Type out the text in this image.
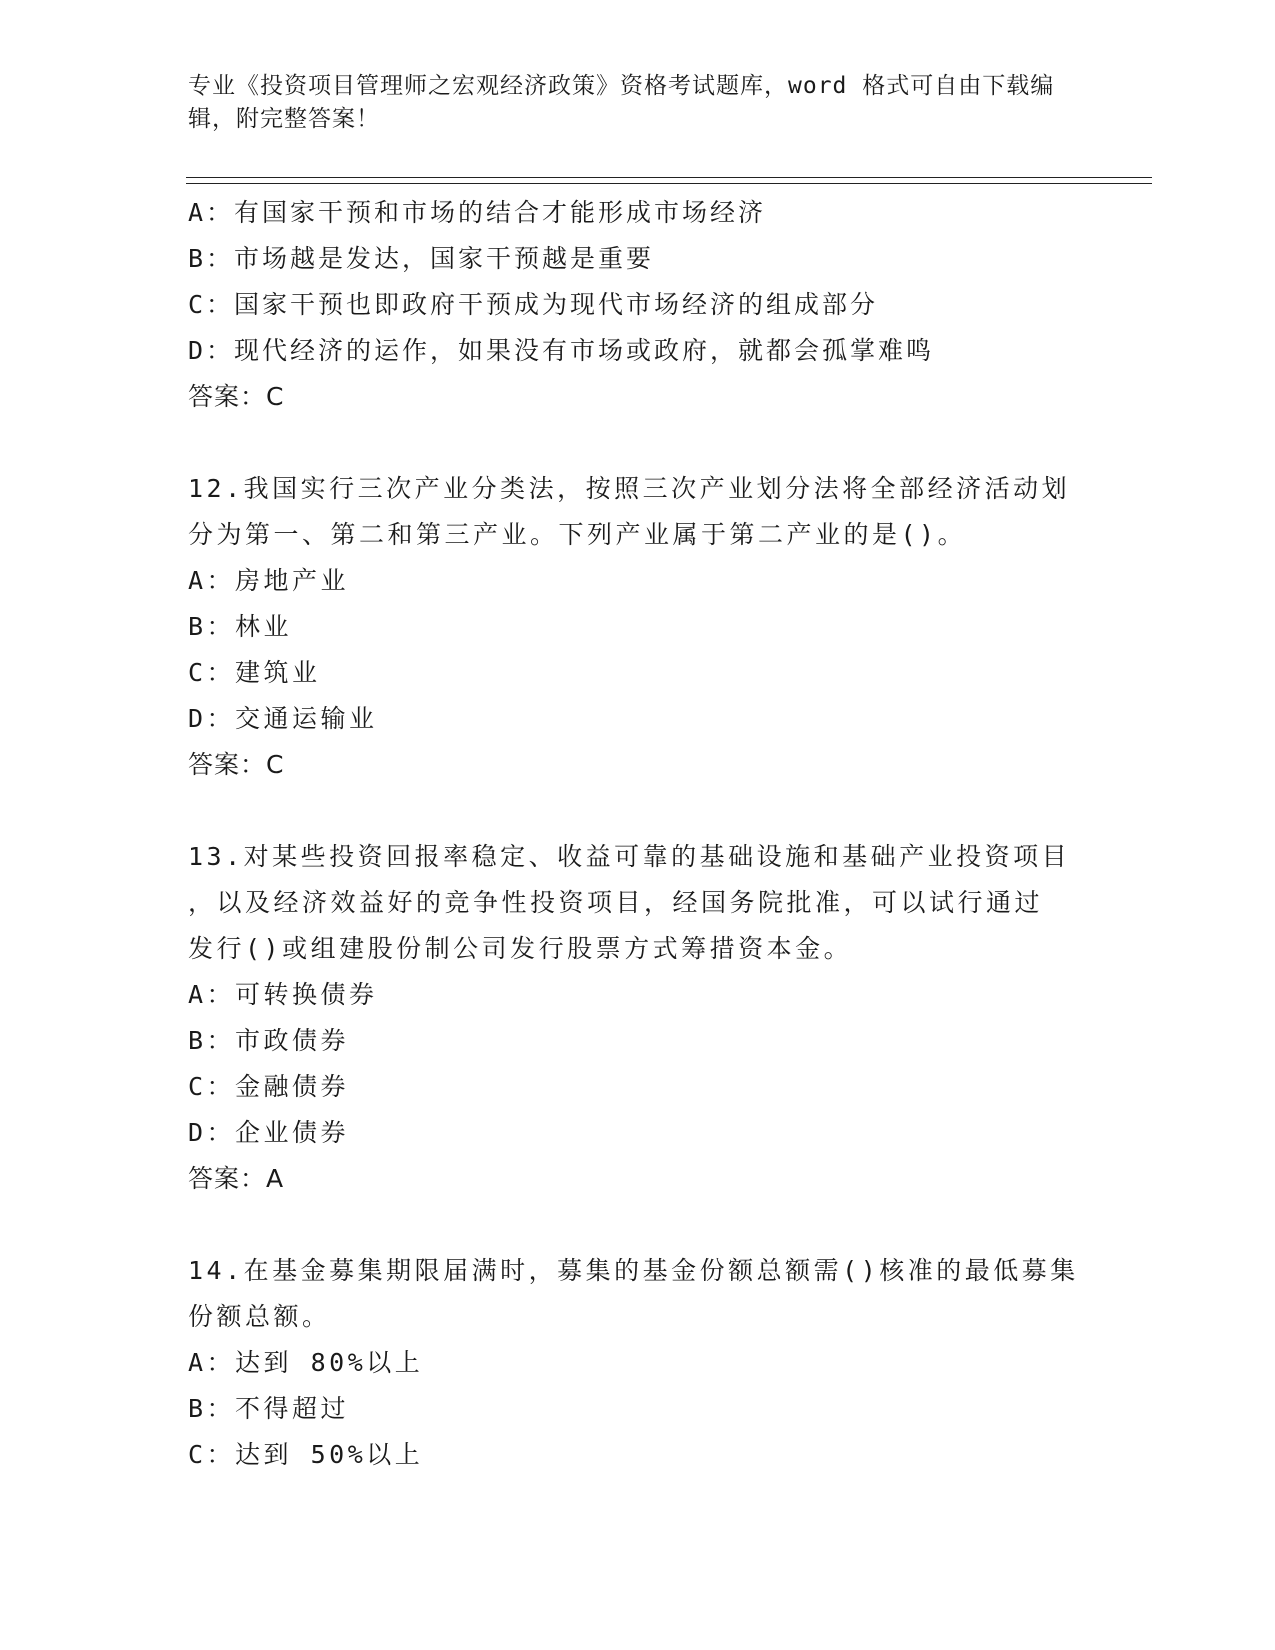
专业《投资项目管理师之宏观经济政策》资格考试题库，word 格式可自由下载编
辑，附完整答案！
A：有国家干预和市场的结合才能形成市场经济
B：市场越是发达，国家干预越是重要
C：国家干预也即政府干预成为现代市场经济的组成部分
D：现代经济的运作，如果没有市场或政府，就都会孤掌难鸣
答案：C
12.我国实行三次产业分类法，按照三次产业划分法将全部经济活动划
分为第一、第二和第三产业。下列产业属于第二产业的是()。
A：房地产业
B：林业
C：建筑业
D：交通运输业
答案：C
13.对某些投资回报率稳定、收益可靠的基础设施和基础产业投资项目
，以及经济效益好的竞争性投资项目，经国务院批准，可以试行通过
发行()或组建股份制公司发行股票方式筹措资本金。
A：可转换债券
B：市政债券
C：金融债券
D：企业债券
答案：A
14.在基金募集期限届满时，募集的基金份额总额需()核准的最低募集
份额总额。
A：达到 80%以上
B：不得超过
C：达到 50%以上
